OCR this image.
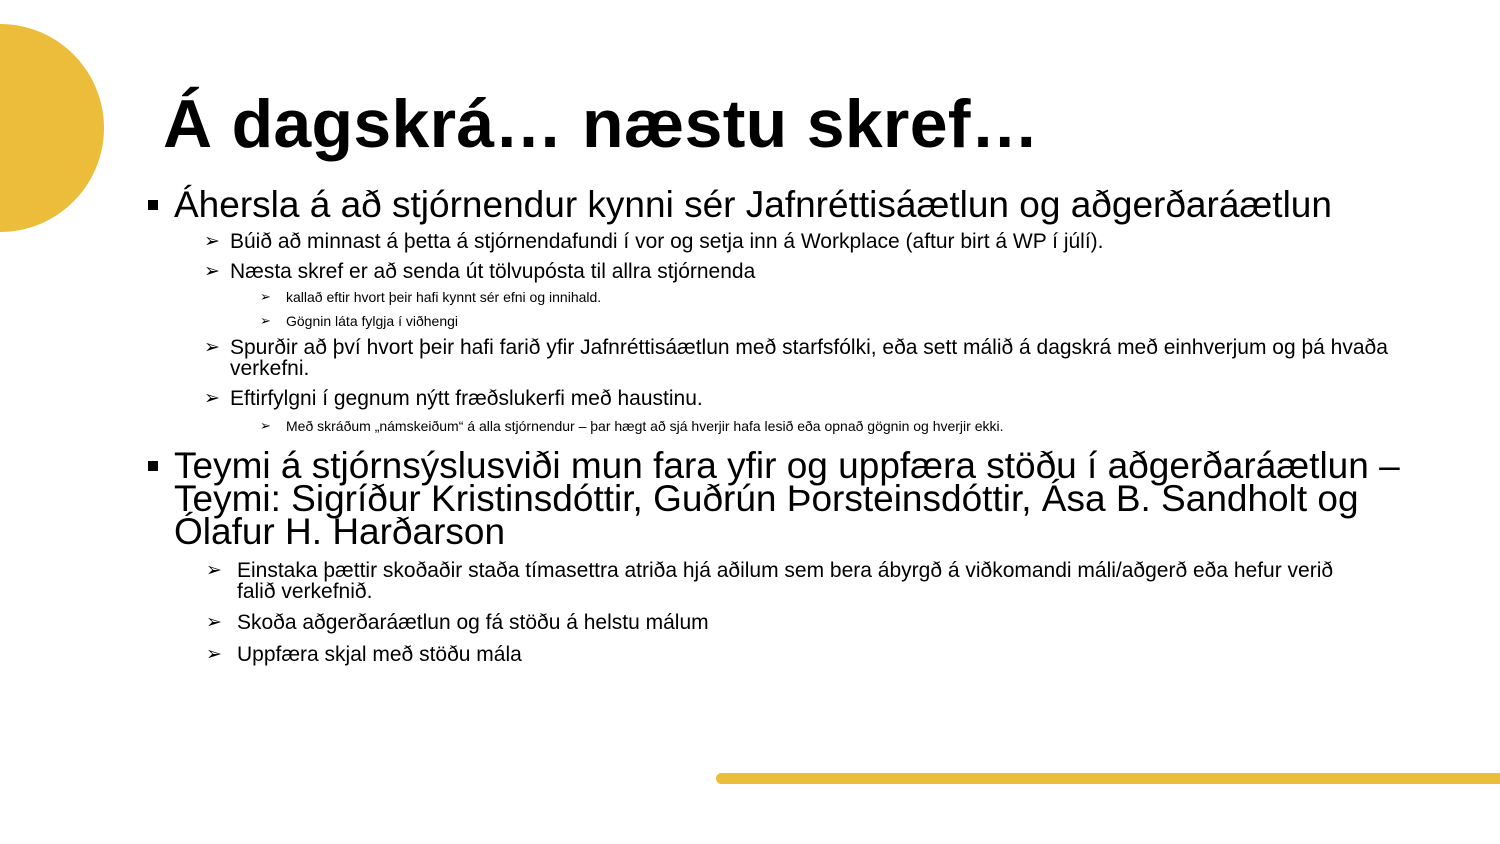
Á dagskrá… næstu skref…
Áhersla á að stjórnendur kynni sér Jafnréttisáætlun og aðgerðaráætlun
➢ Búið að minnast á þetta á stjórnendafundi í vor og setja inn á Workplace (aftur birt á WP í júlí).
➢ Næsta skref er að senda út tölvupósta til allra stjórnenda
➢ kallað eftir hvort þeir hafi kynnt sér efni og innihald.
➢ Gögnin láta fylgja í viðhengi
➢ Spurðir að því hvort þeir hafi farið yfir Jafnréttisáætlun með starfsfólki, eða sett málið á dagskrá með einhverjum og þá hvaða verkefni.
➢ Eftirfylgni í gegnum nýtt fræðslukerfi með haustinu.
➢ Með skráðum „námskeiðum“ á alla stjórnendur – þar hægt að sjá hverjir hafa lesið eða opnað gögnin og hverjir ekki.
Teymi á stjórnsýslusviði mun fara yfir og uppfæra stöðu í aðgerðaráætlun – Teymi: Sigríður Kristinsdóttir, Guðrún Þorsteinsdóttir, Ása B. Sandholt og Ólafur H. Harðarson
➢ Einstaka þættir skoðaðir staða tímasettra atriða hjá aðilum sem bera ábyrgð á viðkomandi máli/aðgerð eða hefur verið falið verkefnið.
➢ Skoða aðgerðaráætlun og fá stöðu á helstu málum
➢ Uppfæra skjal með stöðu mála
